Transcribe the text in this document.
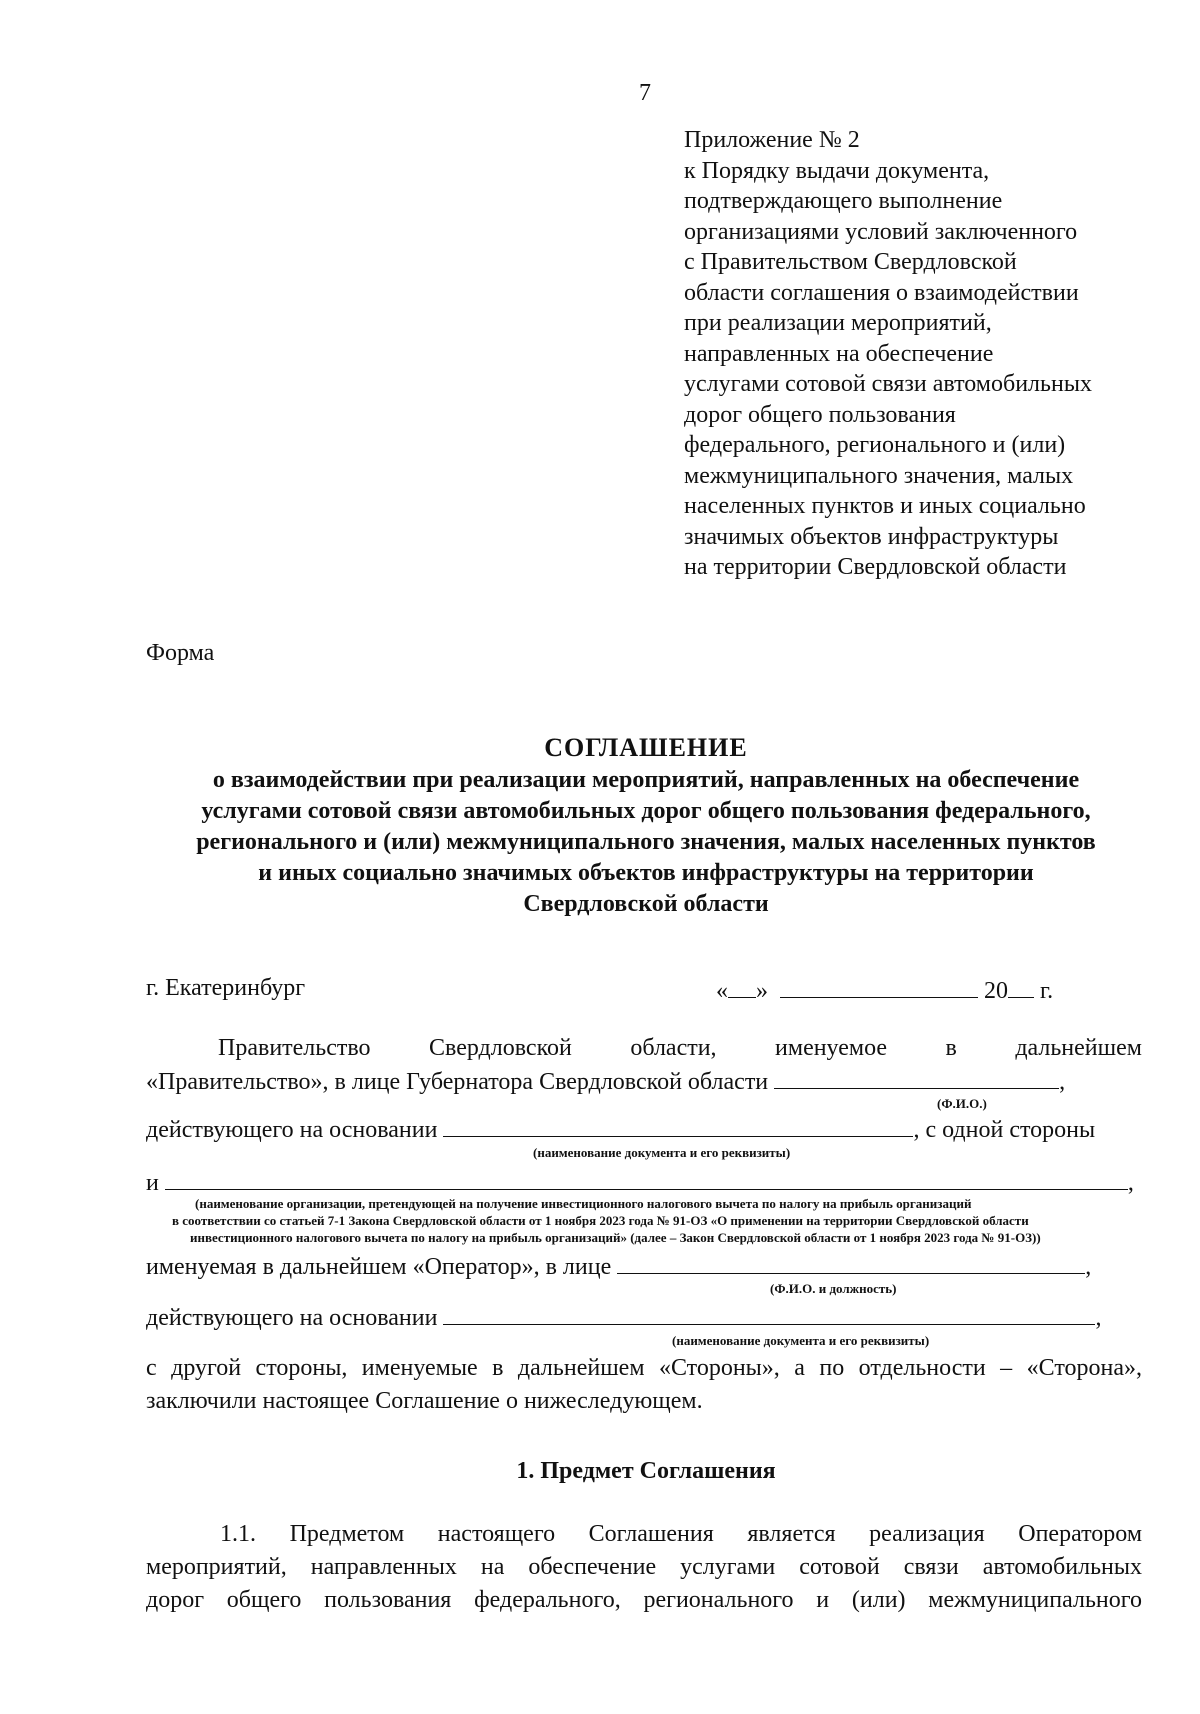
7
Приложение № 2
к Порядку выдачи документа,
подтверждающего выполнение
организациями условий заключенного
с Правительством Свердловской
области соглашения о взаимодействии
при реализации мероприятий,
направленных на обеспечение
услугами сотовой связи автомобильных
дорог общего пользования
федерального, регионального и (или)
межмуниципального значения, малых
населенных пунктов и иных социально
значимых объектов инфраструктуры
на территории Свердловской области
Форма
СОГЛАШЕНИЕ
о взаимодействии при реализации мероприятий, направленных на обеспечение
услугами сотовой связи автомобильных дорог общего пользования федерального,
регионального и (или) межмуниципального значения, малых населенных пунктов
и иных социально значимых объектов инфраструктуры на территории
Свердловской области
г. Екатеринбург	« »	20 г.
Правительство Свердловской области, именуемое в дальнейшем
«Правительство», в лице Губернатора Свердловской области	,
(Ф.И.О.)
действующего на основании	, с одной стороны
(наименование документа и его реквизиты)
и	,
(наименование организации, претендующей на получение инвестиционного налогового вычета по налогу на прибыль организаций
в соответствии со статьей 7-1 Закона Свердловской области от 1 ноября 2023 года № 91-ОЗ «О применении на территории Свердловской области
инвестиционного налогового вычета по налогу на прибыль организаций» (далее – Закон Свердловской области от 1 ноября 2023 года № 91-ОЗ))
именуемая в дальнейшем «Оператор», в лице	,
(Ф.И.О. и должность)
действующего на основании	,
(наименование документа и его реквизиты)
с другой стороны, именуемые в дальнейшем «Стороны», а по отдельности – «Сторона»,
заключили настоящее Соглашение о нижеследующем.
1. Предмет Соглашения
1.1. Предметом настоящего Соглашения является реализация Оператором
мероприятий, направленных на обеспечение услугами сотовой связи автомобильных
дорог общего пользования федерального, регионального и (или) межмуниципального
